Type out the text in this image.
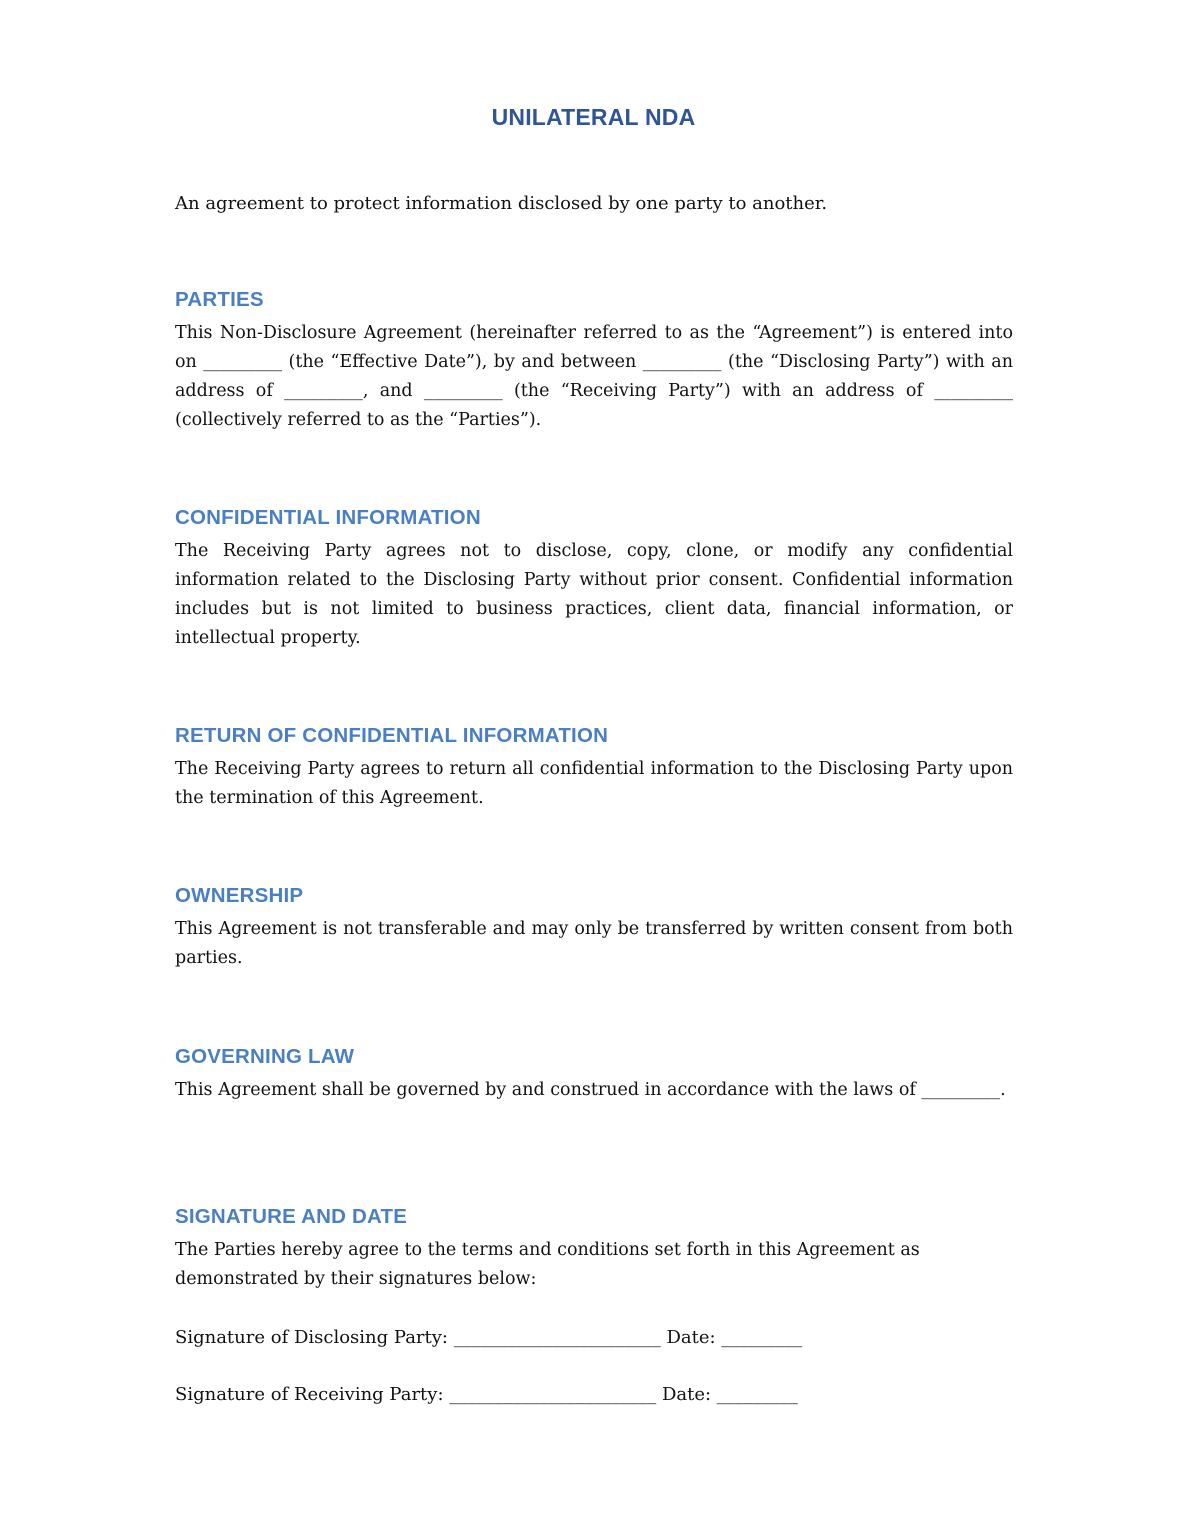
UNILATERAL NDA
An agreement to protect information disclosed by one party to another.
PARTIES

This Non-Disclosure Agreement (hereinafter referred to as the “Agreement”) is entered into on _________ (the “Effective Date”), by and between _________ (the “Disclosing Party”) with an address of _________, and _________ (the “Receiving Party”) with an address of _________ (collectively referred to as the “Parties”).

CONFIDENTIAL INFORMATION

The Receiving Party agrees not to disclose, copy, clone, or modify any confidential information related to the Disclosing Party without prior consent. Confidential information includes but is not limited to business practices, client data, financial information, or intellectual property.

RETURN OF CONFIDENTIAL INFORMATION

The Receiving Party agrees to return all confidential information to the Disclosing Party upon the termination of this Agreement.

OWNERSHIP

This Agreement is not transferable and may only be transferred by written consent from both parties.

GOVERNING LAW

This Agreement shall be governed by and construed in accordance with the laws of _________.

SIGNATURE AND DATE

The Parties hereby agree to the terms and conditions set forth in this Agreement as demonstrated by their signatures below:

Signature of Disclosing Party: _______________________ Date: _________
Signature of Receiving Party: _______________________ Date: _________
